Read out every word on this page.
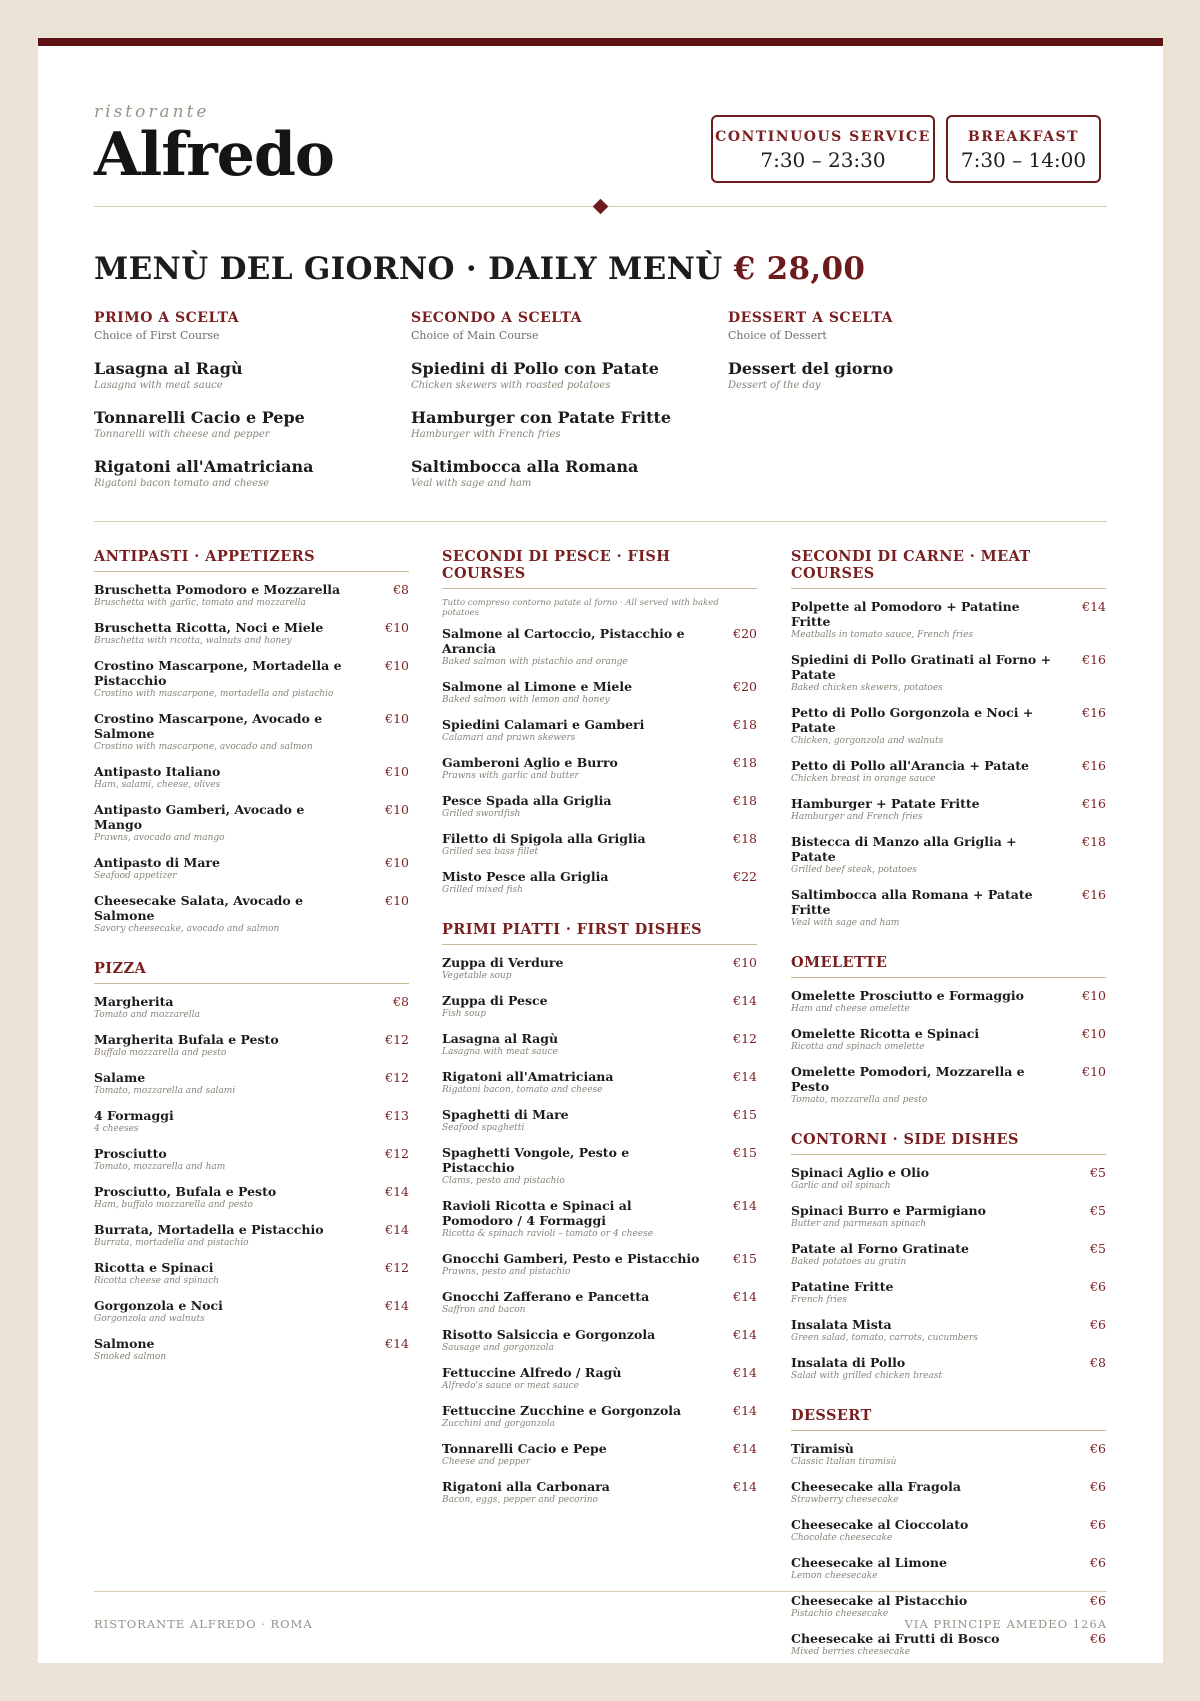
ristorante
Alfredo	CONTINUOUS SERVICE
7:30 – 23:30
BREAKFAST
7:30 – 14:00
MENÙ DEL GIORNO · DAILY MENÙ € 28,00
PRIMO A SCELTA
Choice of First Course
Lasagna al Ragù
Lasagna with meat sauce
Tonnarelli Cacio e Pepe
Tonnarelli with cheese and pepper
Rigatoni all'Amatriciana
Rigatoni bacon tomato and cheese
SECONDO A SCELTA
Choice of Main Course
Spiedini di Pollo con Patate
Chicken skewers with roasted potatoes
Hamburger con Patate Fritte
Hamburger with French fries
Saltimbocca alla Romana
Veal with sage and ham
DESSERT A SCELTA
Choice of Dessert
Dessert del giorno
Dessert of the day
ANTIPASTI · APPETIZERS
Bruschetta Pomodoro e Mozzarella
Bruschetta with garlic, tomato and mozzarella
€8
Bruschetta Ricotta, Noci e Miele
Bruschetta with ricotta, walnuts and honey
€10
Crostino Mascarpone, Mortadella e Pistacchio
Crostino with mascarpone, mortadella and pistachio
€10
Crostino Mascarpone, Avocado e Salmone
Crostino with mascarpone, avocado and salmon
€10
Antipasto Italiano
Ham, salami, cheese, olives
€10
Antipasto Gamberi, Avocado e Mango
Prawns, avocado and mango
€10
Antipasto di Mare
Seafood appetizer
€10
Cheesecake Salata, Avocado e Salmone
Savory cheesecake, avocado and salmon
€10
PIZZA
Margherita
Tomato and mozzarella
€8
Margherita Bufala e Pesto
Buffalo mozzarella and pesto
€12
Salame
Tomato, mozzarella and salami
€12
4 Formaggi
4 cheeses
€13
Prosciutto
Tomato, mozzarella and ham
€12
Prosciutto, Bufala e Pesto
Ham, buffalo mozzarella and pesto
€14
Burrata, Mortadella e Pistacchio
Burrata, mortadella and pistachio
€14
Ricotta e Spinaci
Ricotta cheese and spinach
€12
Gorgonzola e Noci
Gorgonzola and walnuts
€14
Salmone
Smoked salmon
€14
SECONDI DI PESCE · FISH COURSES
Tutto compreso contorno patate al forno · All served with baked potatoes
Salmone al Cartoccio, Pistacchio e Arancia
Baked salmon with pistachio and orange
€20
Salmone al Limone e Miele
Baked salmon with lemon and honey
€20
Spiedini Calamari e Gamberi
Calamari and prawn skewers
€18
Gamberoni Aglio e Burro
Prawns with garlic and butter
€18
Pesce Spada alla Griglia
Grilled swordfish
€18
Filetto di Spigola alla Griglia
Grilled sea bass fillet
€18
Misto Pesce alla Griglia
Grilled mixed fish
€22
PRIMI PIATTI · FIRST DISHES
Zuppa di Verdure
Vegetable soup
€10
Zuppa di Pesce
Fish soup
€14
Lasagna al Ragù
Lasagna with meat sauce
€12
Rigatoni all'Amatriciana
Rigatoni bacon, tomato and cheese
€14
Spaghetti di Mare
Seafood spaghetti
€15
Spaghetti Vongole, Pesto e Pistacchio
Clams, pesto and pistachio
€15
Ravioli Ricotta e Spinaci al Pomodoro / 4 Formaggi
Ricotta & spinach ravioli – tomato or 4 cheese
€14
Gnocchi Gamberi, Pesto e Pistacchio
Prawns, pesto and pistachio
€15
Gnocchi Zafferano e Pancetta
Saffron and bacon
€14
Risotto Salsiccia e Gorgonzola
Sausage and gorgonzola
€14
Fettuccine Alfredo / Ragù
Alfredo's sauce or meat sauce
€14
Fettuccine Zucchine e Gorgonzola
Zucchini and gorgonzola
€14
Tonnarelli Cacio e Pepe
Cheese and pepper
€14
Rigatoni alla Carbonara
Bacon, eggs, pepper and pecorino
€14
SECONDI DI CARNE · MEAT COURSES
Polpette al Pomodoro + Patatine Fritte
Meatballs in tomato sauce, French fries
€14
Spiedini di Pollo Gratinati al Forno + Patate
Baked chicken skewers, potatoes
€16
Petto di Pollo Gorgonzola e Noci + Patate
Chicken, gorgonzola and walnuts
€16
Petto di Pollo all'Arancia + Patate
Chicken breast in orange sauce
€16
Hamburger + Patate Fritte
Hamburger and French fries
€16
Bistecca di Manzo alla Griglia + Patate
Grilled beef steak, potatoes
€18
Saltimbocca alla Romana + Patate Fritte
Veal with sage and ham
€16
OMELETTE
Omelette Prosciutto e Formaggio
Ham and cheese omelette
€10
Omelette Ricotta e Spinaci
Ricotta and spinach omelette
€10
Omelette Pomodori, Mozzarella e Pesto
Tomato, mozzarella and pesto
€10
CONTORNI · SIDE DISHES
Spinaci Aglio e Olio
Garlic and oil spinach
€5
Spinaci Burro e Parmigiano
Butter and parmesan spinach
€5
Patate al Forno Gratinate
Baked potatoes au gratin
€5
Patatine Fritte
French fries
€6
Insalata Mista
Green salad, tomato, carrots, cucumbers
€6
Insalata di Pollo
Salad with grilled chicken breast
€8
DESSERT
Tiramisù
Classic Italian tiramisù
€6
Cheesecake alla Fragola
Strawberry cheesecake
€6
Cheesecake al Cioccolato
Chocolate cheesecake
€6
Cheesecake al Limone
Lemon cheesecake
€6
Cheesecake al Pistacchio
Pistachio cheesecake
€6
Cheesecake ai Frutti di Bosco
Mixed berries cheesecake
€6
RISTORANTE ALFREDO · ROMA	VIA PRINCIPE AMEDEO 126A
